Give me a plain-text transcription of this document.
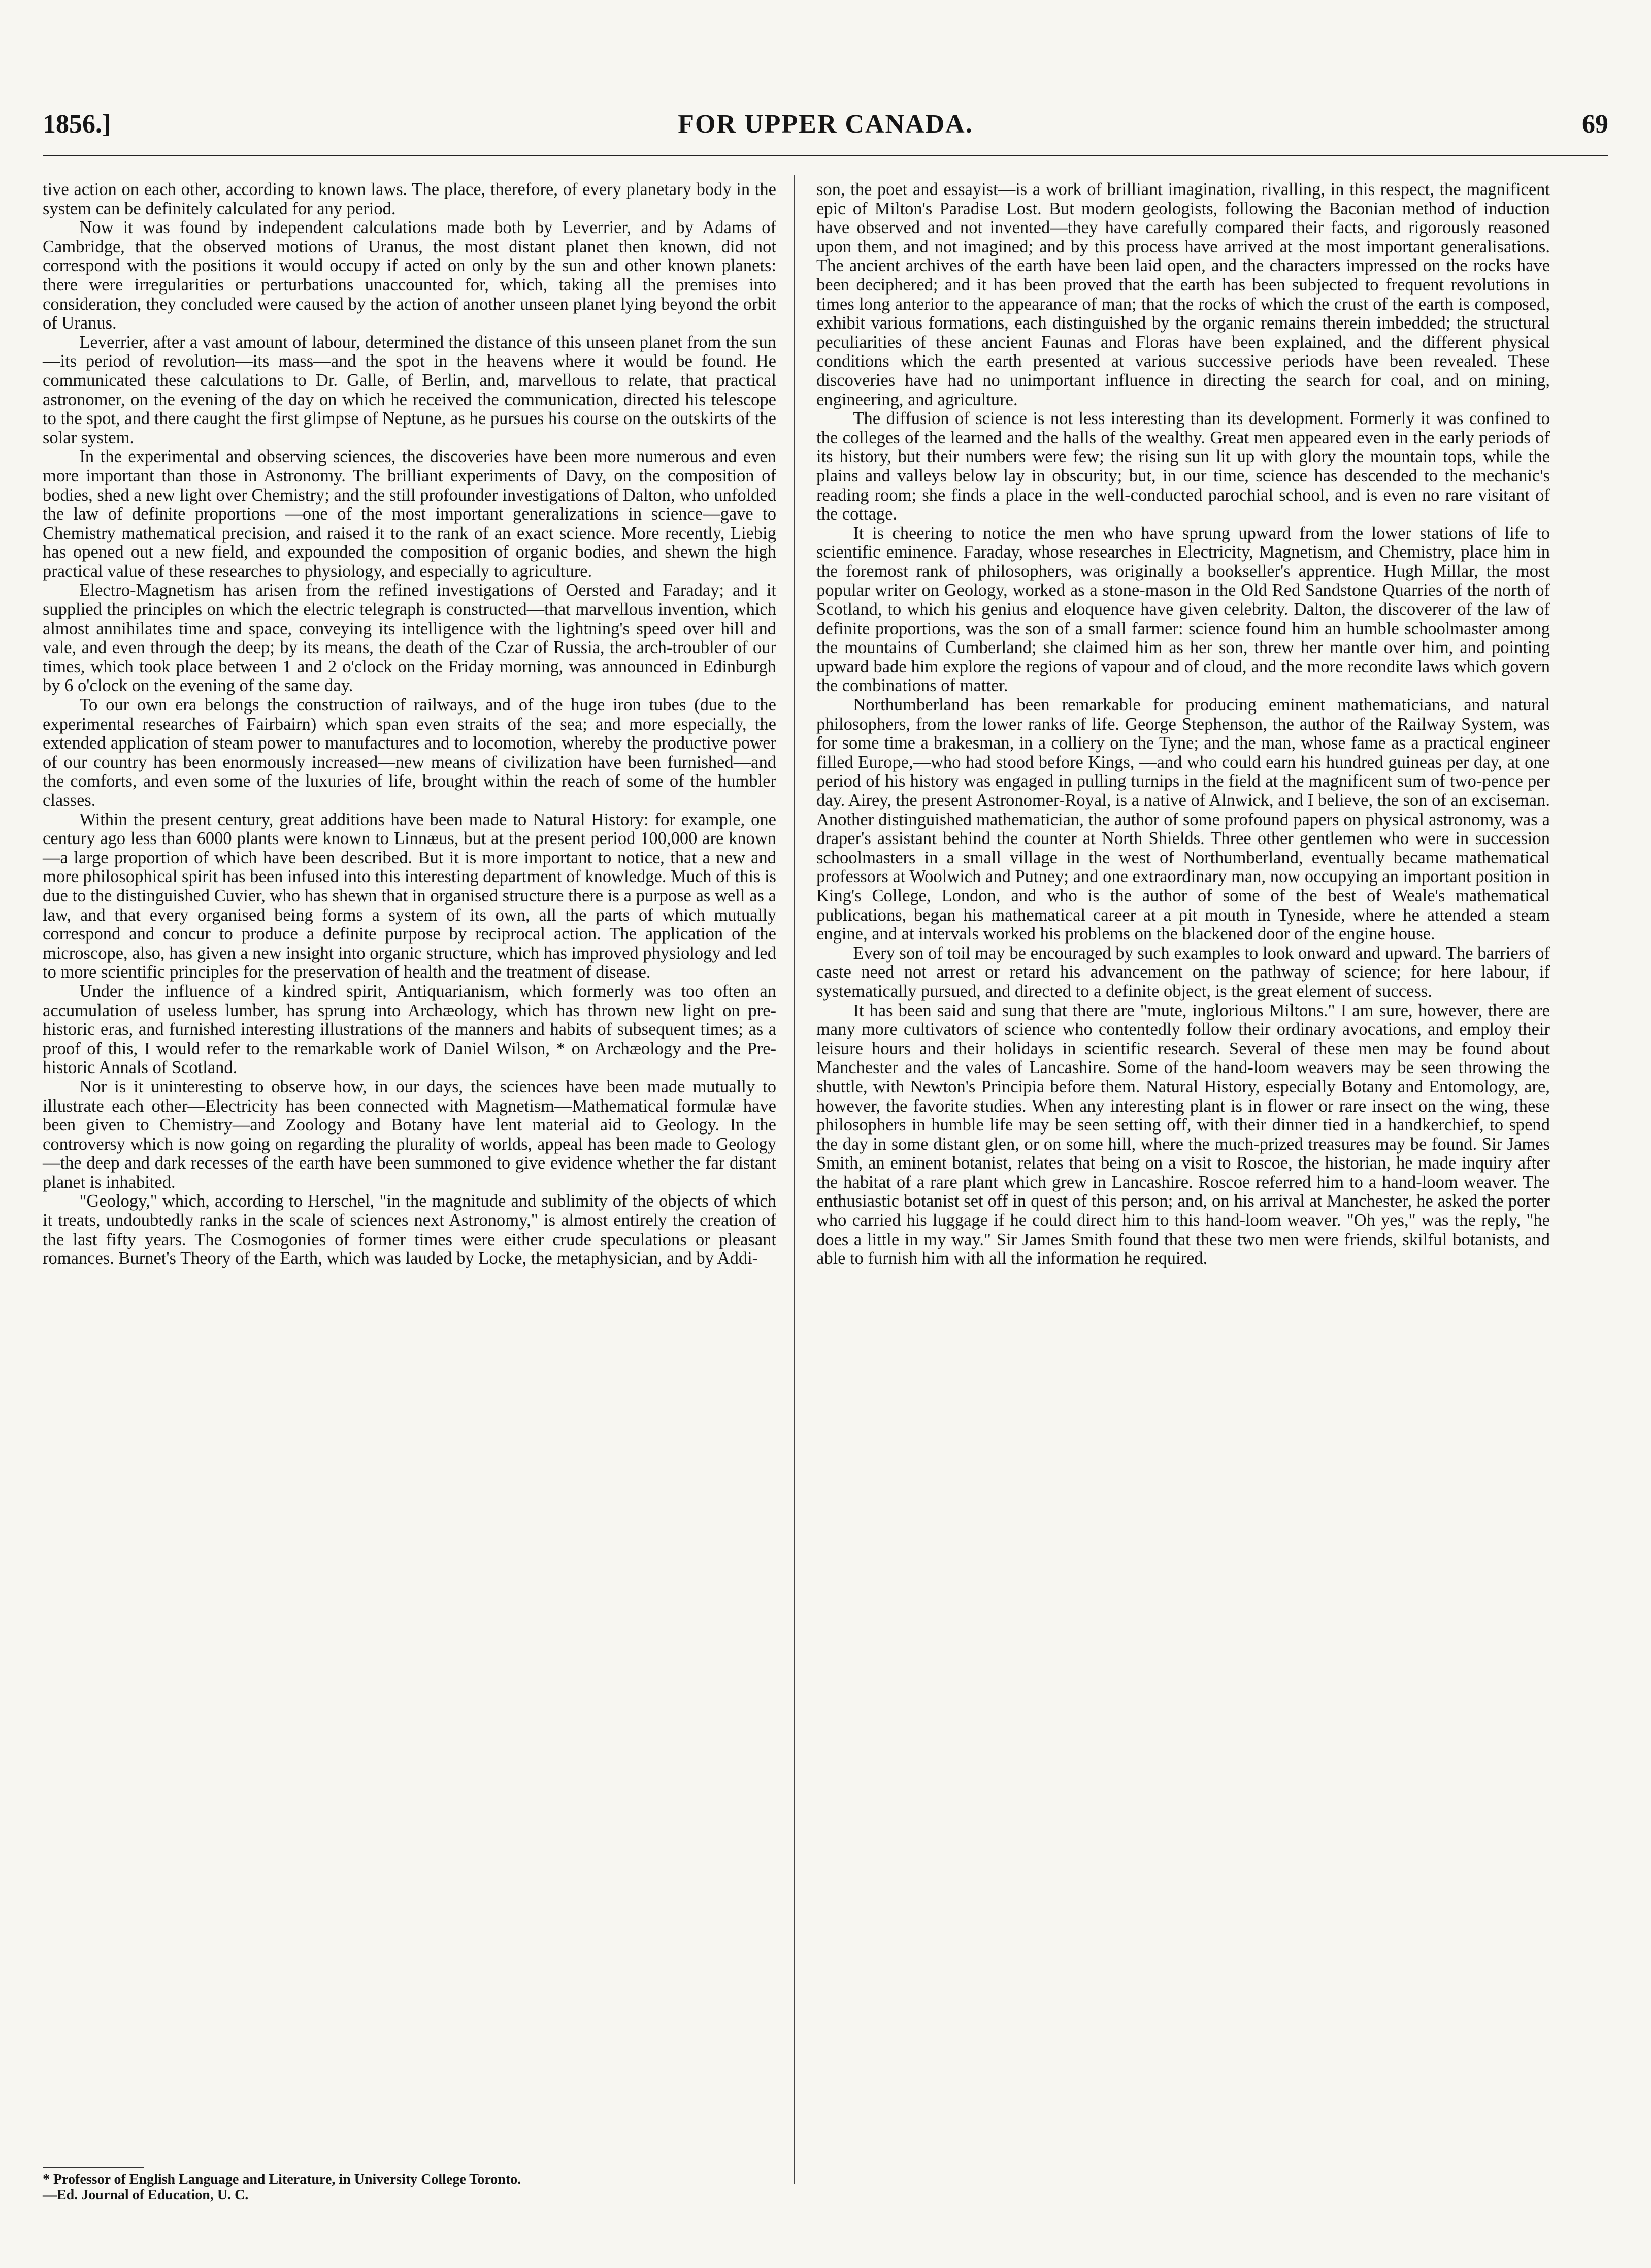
1856.]	FOR UPPER CANADA.	69

tive action on each other, according to known laws. The place, therefore, of every planetary body in the system can be definitely calculated for any period.

Now it was found by independent calculations made both by Leverrier, and by Adams of Cambridge, that the observed motions of Uranus, the most distant planet then known, did not correspond with the positions it would occupy if acted on only by the sun and other known planets: there were irregularities or perturbations unaccounted for, which, taking all the premises into consideration, they concluded were caused by the action of another unseen planet lying beyond the orbit of Uranus.

Leverrier, after a vast amount of labour, determined the distance of this unseen planet from the sun—its period of revolution—its mass—and the spot in the heavens where it would be found. He communicated these calculations to Dr. Galle, of Berlin, and, marvellous to relate, that practical astronomer, on the evening of the day on which he received the communication, directed his telescope to the spot, and there caught the first glimpse of Neptune, as he pursues his course on the outskirts of the solar system.

In the experimental and observing sciences, the discoveries have been more numerous and even more important than those in Astronomy. The brilliant experiments of Davy, on the composition of bodies, shed a new light over Chemistry; and the still profounder investigations of Dalton, who unfolded the law of definite proportions —one of the most important generalizations in science—gave to Chemistry mathematical precision, and raised it to the rank of an exact science. More recently, Liebig has opened out a new field, and expounded the composition of organic bodies, and shewn the high practical value of these researches to physiology, and especially to agriculture.

Electro-Magnetism has arisen from the refined investigations of Oersted and Faraday; and it supplied the principles on which the electric telegraph is constructed—that marvellous invention, which almost annihilates time and space, conveying its intelligence with the lightning's speed over hill and vale, and even through the deep; by its means, the death of the Czar of Russia, the arch-troubler of our times, which took place between 1 and 2 o'clock on the Friday morning, was announced in Edinburgh by 6 o'clock on the evening of the same day.

To our own era belongs the construction of railways, and of the huge iron tubes (due to the experimental researches of Fairbairn) which span even straits of the sea; and more especially, the extended application of steam power to manufactures and to locomotion, whereby the productive power of our country has been enormously increased—new means of civilization have been furnished—and the comforts, and even some of the luxuries of life, brought within the reach of some of the humbler classes.

Within the present century, great additions have been made to Natural History: for example, one century ago less than 6000 plants were known to Linnæus, but at the present period 100,000 are known —a large proportion of which have been described. But it is more important to notice, that a new and more philosophical spirit has been infused into this interesting department of knowledge. Much of this is due to the distinguished Cuvier, who has shewn that in organised structure there is a purpose as well as a law, and that every organised being forms a system of its own, all the parts of which mutually correspond and concur to produce a definite purpose by reciprocal action. The application of the microscope, also, has given a new insight into organic structure, which has improved physiology and led to more scientific principles for the preservation of health and the treatment of disease.

Under the influence of a kindred spirit, Antiquarianism, which formerly was too often an accumulation of useless lumber, has sprung into Archæology, which has thrown new light on pre-historic eras, and furnished interesting illustrations of the manners and habits of subsequent times; as a proof of this, I would refer to the remarkable work of Daniel Wilson, * on Archæology and the Pre-historic Annals of Scotland.

Nor is it uninteresting to observe how, in our days, the sciences have been made mutually to illustrate each other—Electricity has been connected with Magnetism—Mathematical formulæ have been given to Chemistry—and Zoology and Botany have lent material aid to Geology. In the controversy which is now going on regarding the plurality of worlds, appeal has been made to Geology—the deep and dark recesses of the earth have been summoned to give evidence whether the far distant planet is inhabited.

"Geology," which, according to Herschel, "in the magnitude and sublimity of the objects of which it treats, undoubtedly ranks in the scale of sciences next Astronomy," is almost entirely the creation of the last fifty years. The Cosmogonies of former times were either crude speculations or pleasant romances. Burnet's Theory of the Earth, which was lauded by Locke, the metaphysician, and by Addi-

son, the poet and essayist—is a work of brilliant imagination, rivalling, in this respect, the magnificent epic of Milton's Paradise Lost. But modern geologists, following the Baconian method of induction have observed and not invented—they have carefully compared their facts, and rigorously reasoned upon them, and not imagined; and by this process have arrived at the most important generalisations. The ancient archives of the earth have been laid open, and the characters impressed on the rocks have been deciphered; and it has been proved that the earth has been subjected to frequent revolutions in times long anterior to the appearance of man; that the rocks of which the crust of the earth is composed, exhibit various formations, each distinguished by the organic remains therein imbedded; the structural peculiarities of these ancient Faunas and Floras have been explained, and the different physical conditions which the earth presented at various successive periods have been revealed. These discoveries have had no unimportant influence in directing the search for coal, and on mining, engineering, and agriculture.

The diffusion of science is not less interesting than its development. Formerly it was confined to the colleges of the learned and the halls of the wealthy. Great men appeared even in the early periods of its history, but their numbers were few; the rising sun lit up with glory the mountain tops, while the plains and valleys below lay in obscurity; but, in our time, science has descended to the mechanic's reading room; she finds a place in the well-conducted parochial school, and is even no rare visitant of the cottage.

It is cheering to notice the men who have sprung upward from the lower stations of life to scientific eminence. Faraday, whose researches in Electricity, Magnetism, and Chemistry, place him in the foremost rank of philosophers, was originally a bookseller's apprentice. Hugh Millar, the most popular writer on Geology, worked as a stone-mason in the Old Red Sandstone Quarries of the north of Scotland, to which his genius and eloquence have given celebrity. Dalton, the discoverer of the law of definite proportions, was the son of a small farmer: science found him an humble schoolmaster among the mountains of Cumberland; she claimed him as her son, threw her mantle over him, and pointing upward bade him explore the regions of vapour and of cloud, and the more recondite laws which govern the combinations of matter.

Northumberland has been remarkable for producing eminent mathematicians, and natural philosophers, from the lower ranks of life. George Stephenson, the author of the Railway System, was for some time a brakesman, in a colliery on the Tyne; and the man, whose fame as a practical engineer filled Europe,—who had stood before Kings, —and who could earn his hundred guineas per day, at one period of his history was engaged in pulling turnips in the field at the magnificent sum of two-pence per day. Airey, the present Astronomer-Royal, is a native of Alnwick, and I believe, the son of an exciseman. Another distinguished mathematician, the author of some profound papers on physical astronomy, was a draper's assistant behind the counter at North Shields. Three other gentlemen who were in succession schoolmasters in a small village in the west of Northumberland, eventually became mathematical professors at Woolwich and Putney; and one extraordinary man, now occupying an important position in King's College, London, and who is the author of some of the best of Weale's mathematical publications, began his mathematical career at a pit mouth in Tyneside, where he attended a steam engine, and at intervals worked his problems on the blackened door of the engine house.

Every son of toil may be encouraged by such examples to look onward and upward. The barriers of caste need not arrest or retard his advancement on the pathway of science; for here labour, if systematically pursued, and directed to a definite object, is the great element of success.

It has been said and sung that there are "mute, inglorious Miltons." I am sure, however, there are many more cultivators of science who contentedly follow their ordinary avocations, and employ their leisure hours and their holidays in scientific research. Several of these men may be found about Manchester and the vales of Lancashire. Some of the hand-loom weavers may be seen throwing the shuttle, with Newton's Principia before them. Natural History, especially Botany and Entomology, are, however, the favorite studies. When any interesting plant is in flower or rare insect on the wing, these philosophers in humble life may be seen setting off, with their dinner tied in a handkerchief, to spend the day in some distant glen, or on some hill, where the much-prized treasures may be found. Sir James Smith, an eminent botanist, relates that being on a visit to Roscoe, the historian, he made inquiry after the habitat of a rare plant which grew in Lancashire. Roscoe referred him to a hand-loom weaver. The enthusiastic botanist set off in quest of this person; and, on his arrival at Manchester, he asked the porter who carried his luggage if he could direct him to this hand-loom weaver. "Oh yes," was the reply, "he does a little in my way." Sir James Smith found that these two men were friends, skilful botanists, and able to furnish him with all the information he required.

* Professor of English Language and Literature, in University College Toronto.

—Ed. Journal of Education, U. C.
